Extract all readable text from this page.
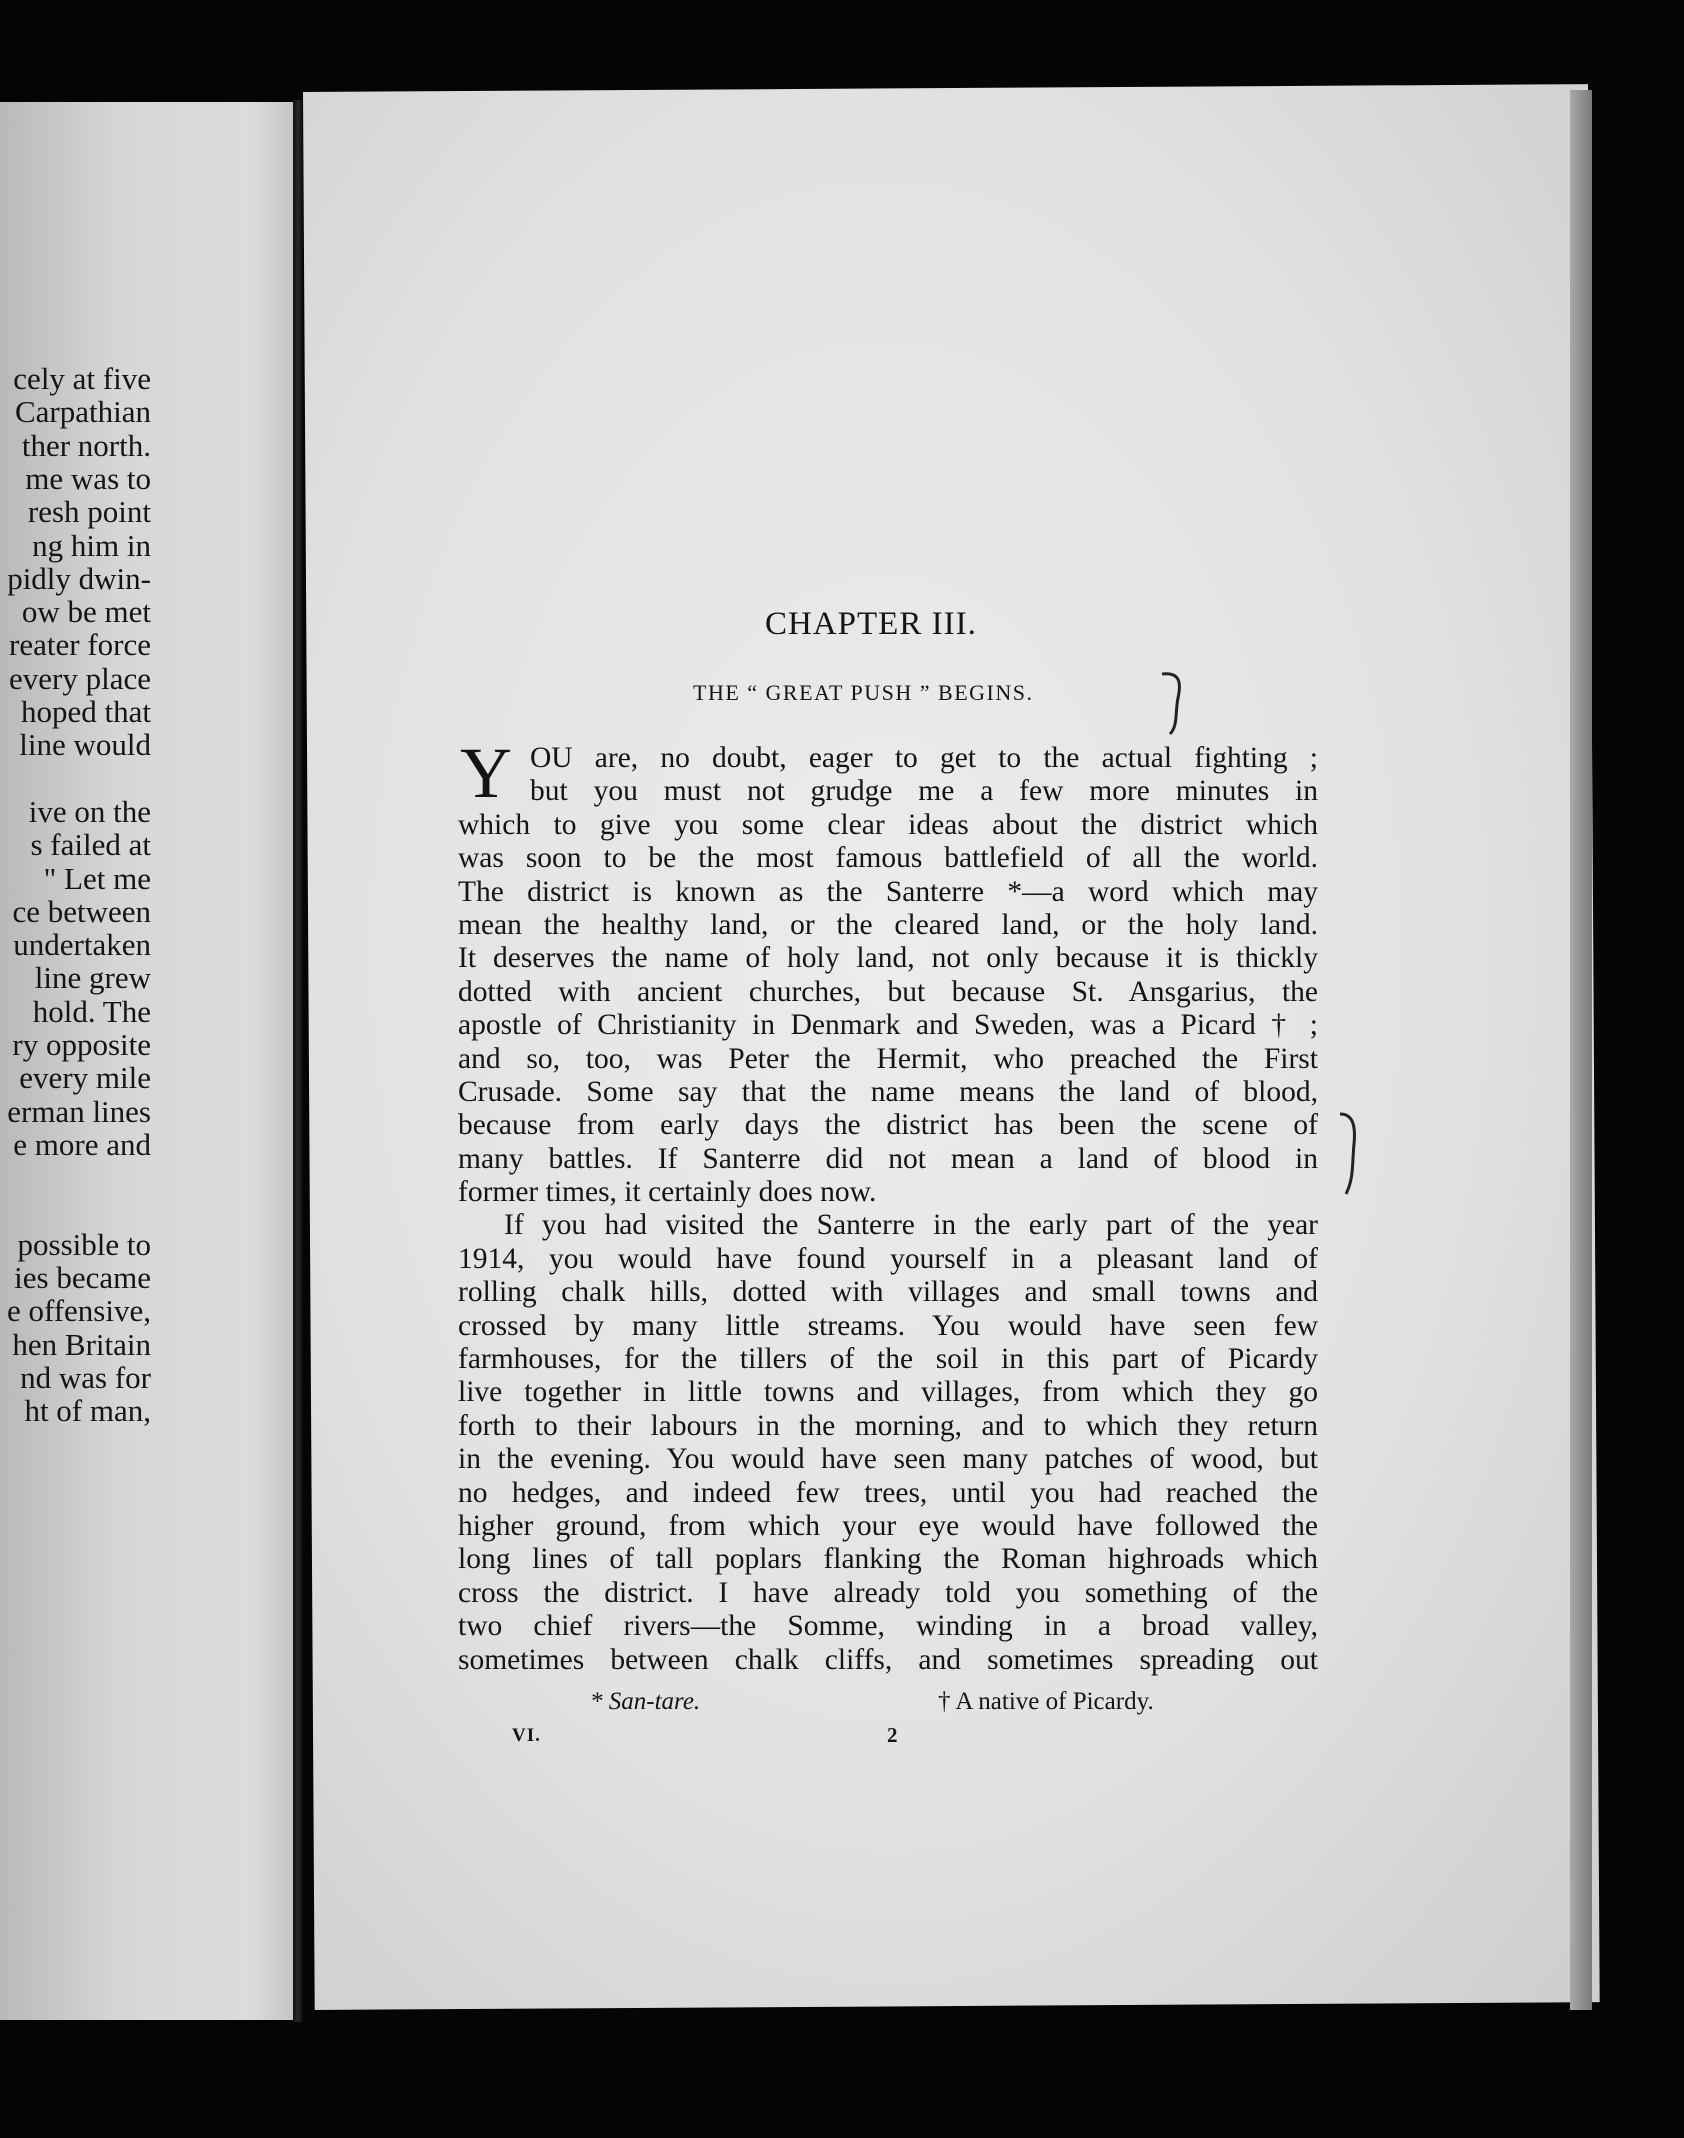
cely at five
Carpathian
ther north.
me was to
resh point
ng him in
pidly dwin-
ow be met
reater force
every place
hoped that
line would
ive on the
s failed at
" Let me
ce between
undertaken
line grew
hold. The
ry opposite
every mile
erman lines
e more and
possible to
ies became
e offensive,
hen Britain
nd was for
ht of man,
CHAPTER III.
THE “ GREAT PUSH ” BEGINS.
Y OU are, no doubt, eager to get to the actual fighting ;
but you must not grudge me a few more minutes in
which to give you some clear ideas about the district which
was soon to be the most famous battlefield of all the world.
The district is known as the Santerre *—a word which may
mean the healthy land, or the cleared land, or the holy land.
It deserves the name of holy land, not only because it is thickly
dotted with ancient churches, but because St. Ansgarius, the
apostle of Christianity in Denmark and Sweden, was a Picard † ;
and so, too, was Peter the Hermit, who preached the First
Crusade. Some say that the name means the land of blood,
because from early days the district has been the scene of
many battles. If Santerre did not mean a land of blood in
former times, it certainly does now.
If you had visited the Santerre in the early part of the year
1914, you would have found yourself in a pleasant land of
rolling chalk hills, dotted with villages and small towns and
crossed by many little streams. You would have seen few
farmhouses, for the tillers of the soil in this part of Picardy
live together in little towns and villages, from which they go
forth to their labours in the morning, and to which they return
in the evening. You would have seen many patches of wood, but
no hedges, and indeed few trees, until you had reached the
higher ground, from which your eye would have followed the
long lines of tall poplars flanking the Roman highroads which
cross the district. I have already told you something of the
two chief rivers—the Somme, winding in a broad valley,
sometimes between chalk cliffs, and sometimes spreading out
* San-tare.	† A native of Picardy.
VI.	2
